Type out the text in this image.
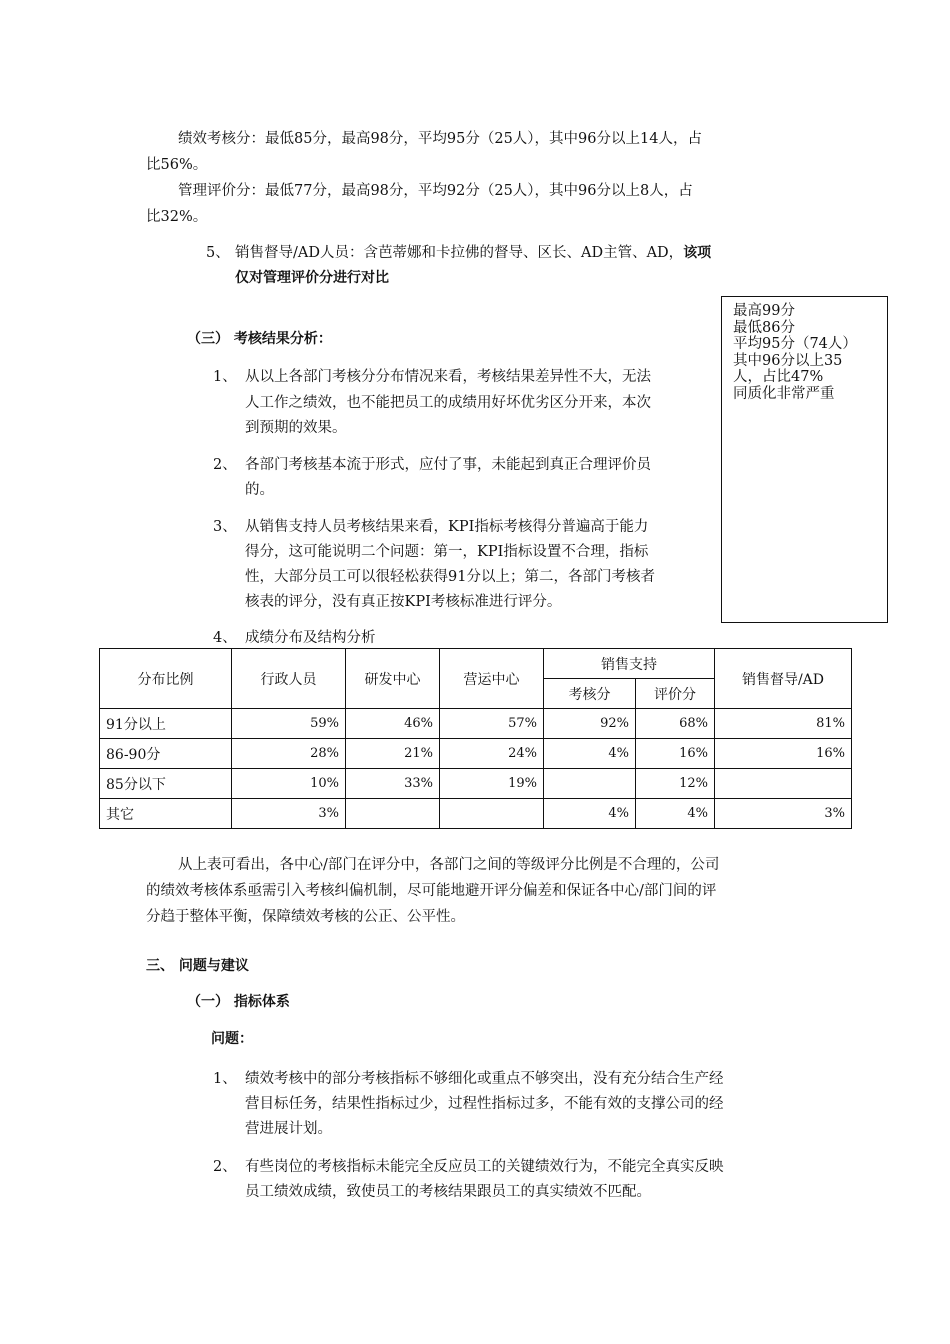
绩效考核分：最低85分，最高98分，平均95分（25人），其中96分以上14人，占
比56%。
管理评价分：最低77分，最高98分，平均92分（25人），其中96分以上8人，占
比32%。
5、 销售督导/AD人员：含芭蒂娜和卡拉佛的督导、区长、AD主管、AD，该项
仅对管理评价分进行对比
（三） 考核结果分析：
1、 从以上各部门考核分分布情况来看，考核结果差异性不大，无法
人工作之绩效，也不能把员工的成绩用好坏优劣区分开来，本次
到预期的效果。
2、 各部门考核基本流于形式，应付了事，未能起到真正合理评价员
的。
3、 从销售支持人员考核结果来看，KPI指标考核得分普遍高于能力
得分，这可能说明二个问题：第一，KPI指标设置不合理，指标
性，大部分员工可以很轻松获得91分以上；第二，各部门考核者
核表的评分，没有真正按KPI考核标准进行评分。
4、 成绩分布及结构分析
最高99分
最低86分
平均95分（74人）
其中96分以上35
人，占比47%
同质化非常严重
分布比例	行政人员	研发中心	营运中心	销售支持		销售督导/AD
				考核分	评价分	
91分以上	59%	46%	57%	92%	68%	81%
86-90分	28%	21%	24%	4%	16%	16%
85分以下	10%	33%	19%		12%	
其它	3%			4%	4%	3%
从上表可看出，各中心/部门在评分中，各部门之间的等级评分比例是不合理的，公司
的绩效考核体系亟需引入考核纠偏机制，尽可能地避开评分偏差和保证各中心/部门间的评
分趋于整体平衡，保障绩效考核的公正、公平性。
三、 问题与建议
（一） 指标体系
问题：
1、 绩效考核中的部分考核指标不够细化或重点不够突出，没有充分结合生产经
营目标任务，结果性指标过少，过程性指标过多，不能有效的支撑公司的经
营进展计划。
2、 有些岗位的考核指标未能完全反应员工的关键绩效行为，不能完全真实反映
员工绩效成绩，致使员工的考核结果跟员工的真实绩效不匹配。
